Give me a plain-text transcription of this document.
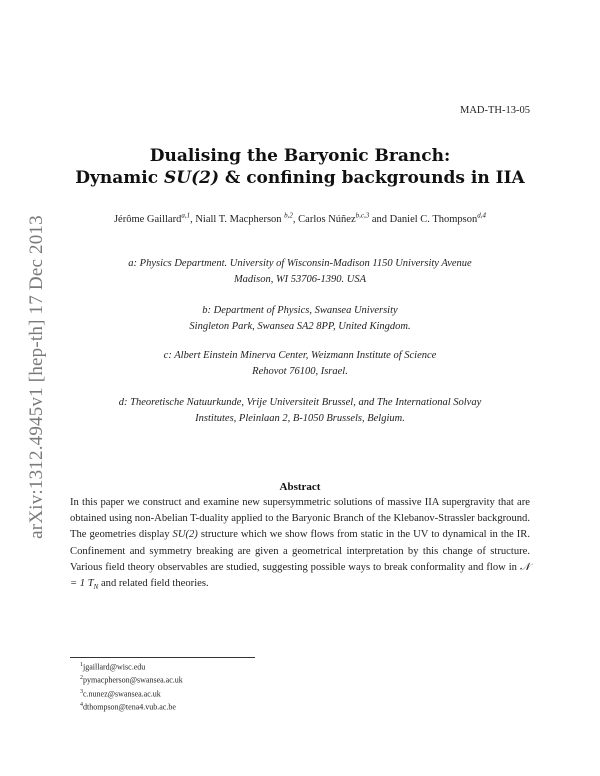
arXiv:1312.4945v1 [hep-th] 17 Dec 2013
MAD-TH-13-05
Dualising the Baryonic Branch:
Dynamic SU(2) & confining backgrounds in IIA
Jérôme Gaillard$^{a,1}$, Niall T. Macpherson $^{b,2}$, Carlos Núñez$^{b,c,3}$ and Daniel C. Thompson$^{d,4}$
a: Physics Department. University of Wisconsin-Madison 1150 University Avenue
Madison, WI 53706-1390. USA
b: Department of Physics, Swansea University
Singleton Park, Swansea SA2 8PP, United Kingdom.
c: Albert Einstein Minerva Center, Weizmann Institute of Science
Rehovot 76100, Israel.
d: Theoretische Natuurkunde, Vrije Universiteit Brussel, and The International Solvay
Institutes, Pleinlaan 2, B-1050 Brussels, Belgium.
Abstract
In this paper we construct and examine new supersymmetric solutions of massive IIA supergravity that are obtained using non-Abelian T-duality applied to the Baryonic Branch of the Klebanov-Strassler background. The geometries display SU(2) structure which we show flows from static in the UV to dynamical in the IR. Confinement and symmetry breaking are given a geometrical interpretation by this change of structure. Various field theory observables are studied, suggesting possible ways to break conformality and flow in 𝒩 = 1 $T_N$ and related field theories.
$^1$jgaillard@wisc.edu
$^2$pymacpherson@swansea.ac.uk
$^3$c.nunez@swansea.ac.uk
$^4$dthompson@tena4.vub.ac.be
